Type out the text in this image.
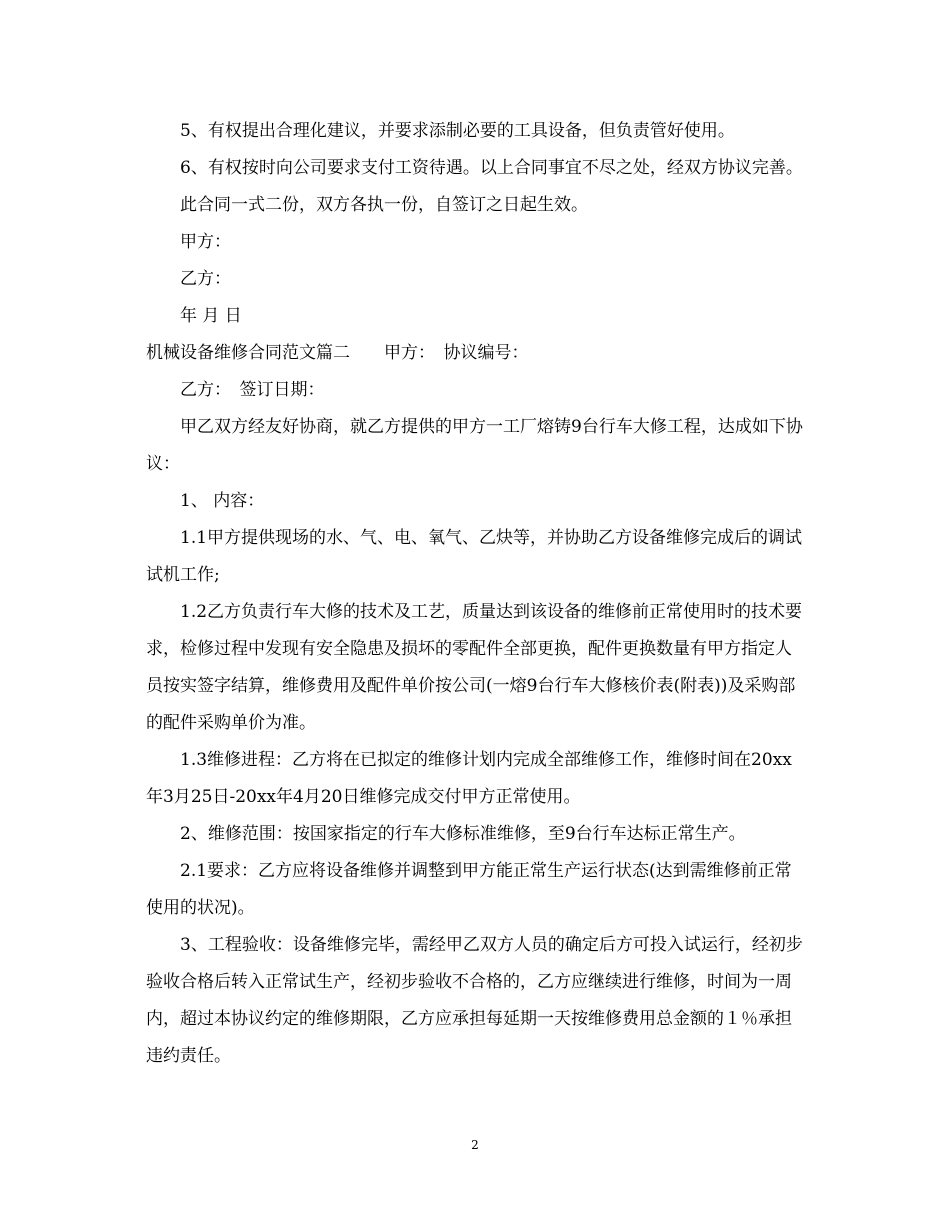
5、有权提出合理化建议，并要求添制必要的工具设备，但负责管好使用。

6、有权按时向公司要求支付工资待遇。以上合同事宜不尽之处，经双方协议完善。

此合同一式二份，双方各执一份，自签订之日起生效。

甲方：

乙方：

年 月 日

机械设备维修合同范文篇二　　甲方：　协议编号：

乙方：　签订日期：

甲乙双方经友好协商，就乙方提供的甲方一工厂熔铸9台行车大修工程，达成如下协议：

1、 内容：

1.1甲方提供现场的水、气、电、氧气、乙炔等，并协助乙方设备维修完成后的调试试机工作;

1.2乙方负责行车大修的技术及工艺，质量达到该设备的维修前正常使用时的技术要求，检修过程中发现有安全隐患及损坏的零配件全部更换，配件更换数量有甲方指定人员按实签字结算，维修费用及配件单价按公司(一熔9台行车大修核价表(附表))及采购部的配件采购单价为准。

1.3维修进程：乙方将在已拟定的维修计划内完成全部维修工作，维修时间在20xx年3月25日-20xx年4月20日维修完成交付甲方正常使用。

2、维修范围：按国家指定的行车大修标准维修，至9台行车达标正常生产。

2.1要求：乙方应将设备维修并调整到甲方能正常生产运行状态(达到需维修前正常使用的状况)。

3、工程验收：设备维修完毕，需经甲乙双方人员的确定后方可投入试运行，经初步验收合格后转入正常试生产，经初步验收不合格的，乙方应继续进行维修，时间为一周内，超过本协议约定的维修期限，乙方应承担每延期一天按维修费用总金额的１％承担违约责任。

2
